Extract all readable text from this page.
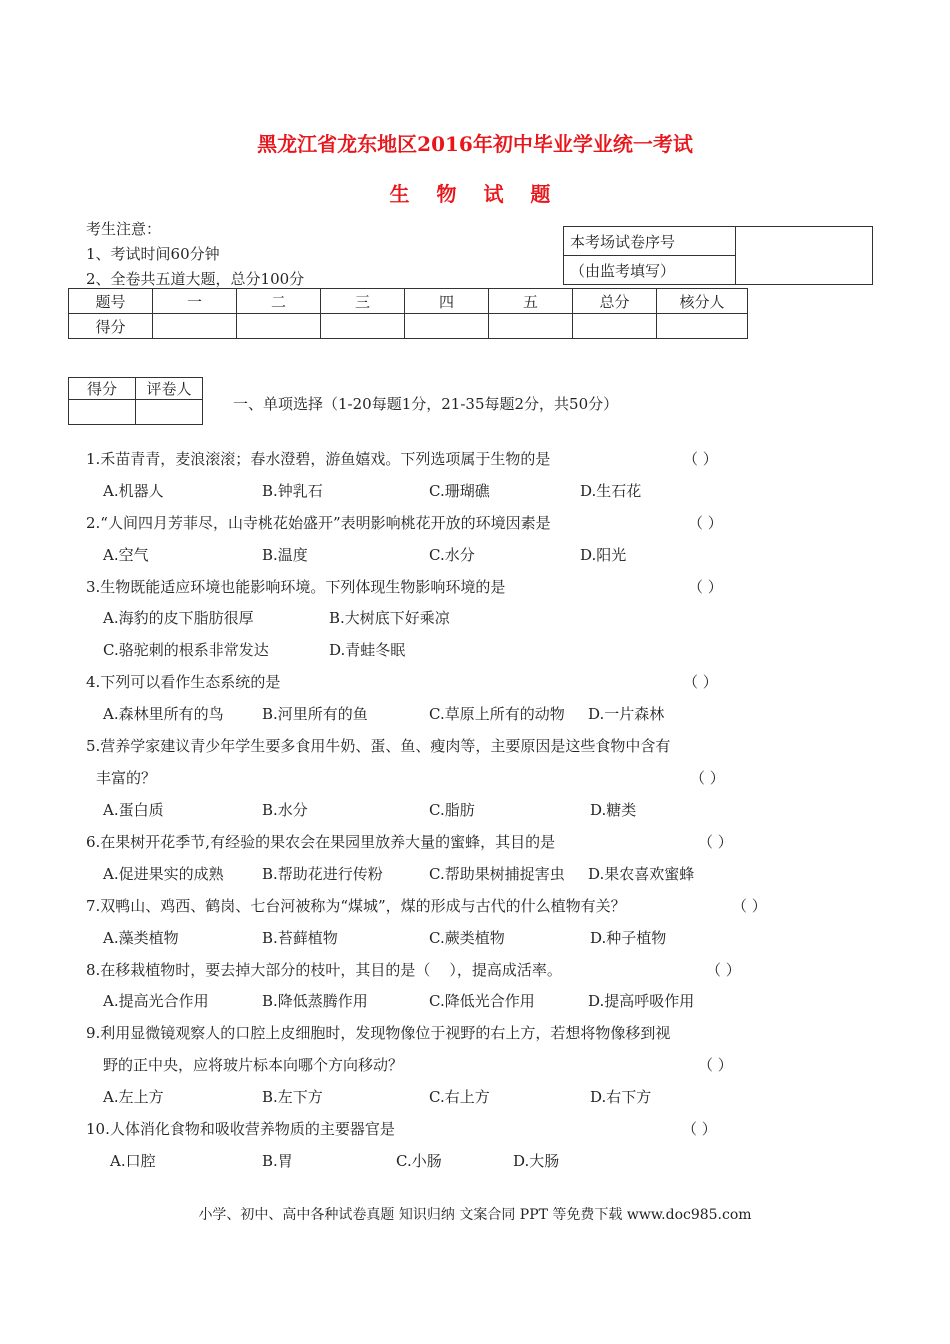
黑龙江省龙东地区2016年初中毕业学业统一考试
生 物 试 题
考生注意：
1、考试时间60分钟
2、全卷共五道大题，总分100分
本考场试卷序号	
（由监考填写）
题号	一	二	三	四	五	总分	核分人
得分							
得分	评卷人

一、单项选择（1-20每题1分，21-35每题2分，共50分）
1.禾苗青青，麦浪滚滚；春水澄碧，游鱼嬉戏。下列选项属于生物的是	（ ）
A.机器人	B.钟乳石	C.珊瑚礁	D.生石花
2.“人间四月芳菲尽，山寺桃花始盛开”表明影响桃花开放的环境因素是	（ ）
A.空气	B.温度	C.水分	D.阳光
3.生物既能适应环境也能影响环境。下列体现生物影响环境的是	（ ）
A.海豹的皮下脂肪很厚	B.大树底下好乘凉
C.骆驼刺的根系非常发达	D.青蛙冬眠
4.下列可以看作生态系统的是	（ ）
A.森林里所有的鸟	B.河里所有的鱼	C.草原上所有的动物 D.一片森林
5.营养学家建议青少年学生要多食用牛奶、蛋、鱼、瘦肉等，主要原因是这些食物中含有
丰富的？	（ ）
A.蛋白质	B.水分	C.脂肪	D.糖类
6.在果树开花季节,有经验的果农会在果园里放养大量的蜜蜂，其目的是	（ ）
A.促进果实的成熟	B.帮助花进行传粉	C.帮助果树捕捉害虫 D.果农喜欢蜜蜂
7.双鸭山、鸡西、鹤岗、七台河被称为“煤城”，煤的形成与古代的什么植物有关？	（ ）
A.藻类植物	B.苔藓植物	C.蕨类植物	D.种子植物
8.在移栽植物时，要去掉大部分的枝叶，其目的是（    ），提高成活率。	（ ）
A.提高光合作用	B.降低蒸腾作用	C.降低光合作用	D.提高呼吸作用
9.利用显微镜观察人的口腔上皮细胞时，发现物像位于视野的右上方，若想将物像移到视
野的正中央，应将玻片标本向哪个方向移动？	（ ）
A.左上方	B.左下方	C.右上方	D.右下方
10.人体消化食物和吸收营养物质的主要器官是	（ ）
A.口腔	B.胃	C.小肠	D.大肠
小学、初中、高中各种试卷真题 知识归纳 文案合同 PPT 等免费下载 www.doc985.com
